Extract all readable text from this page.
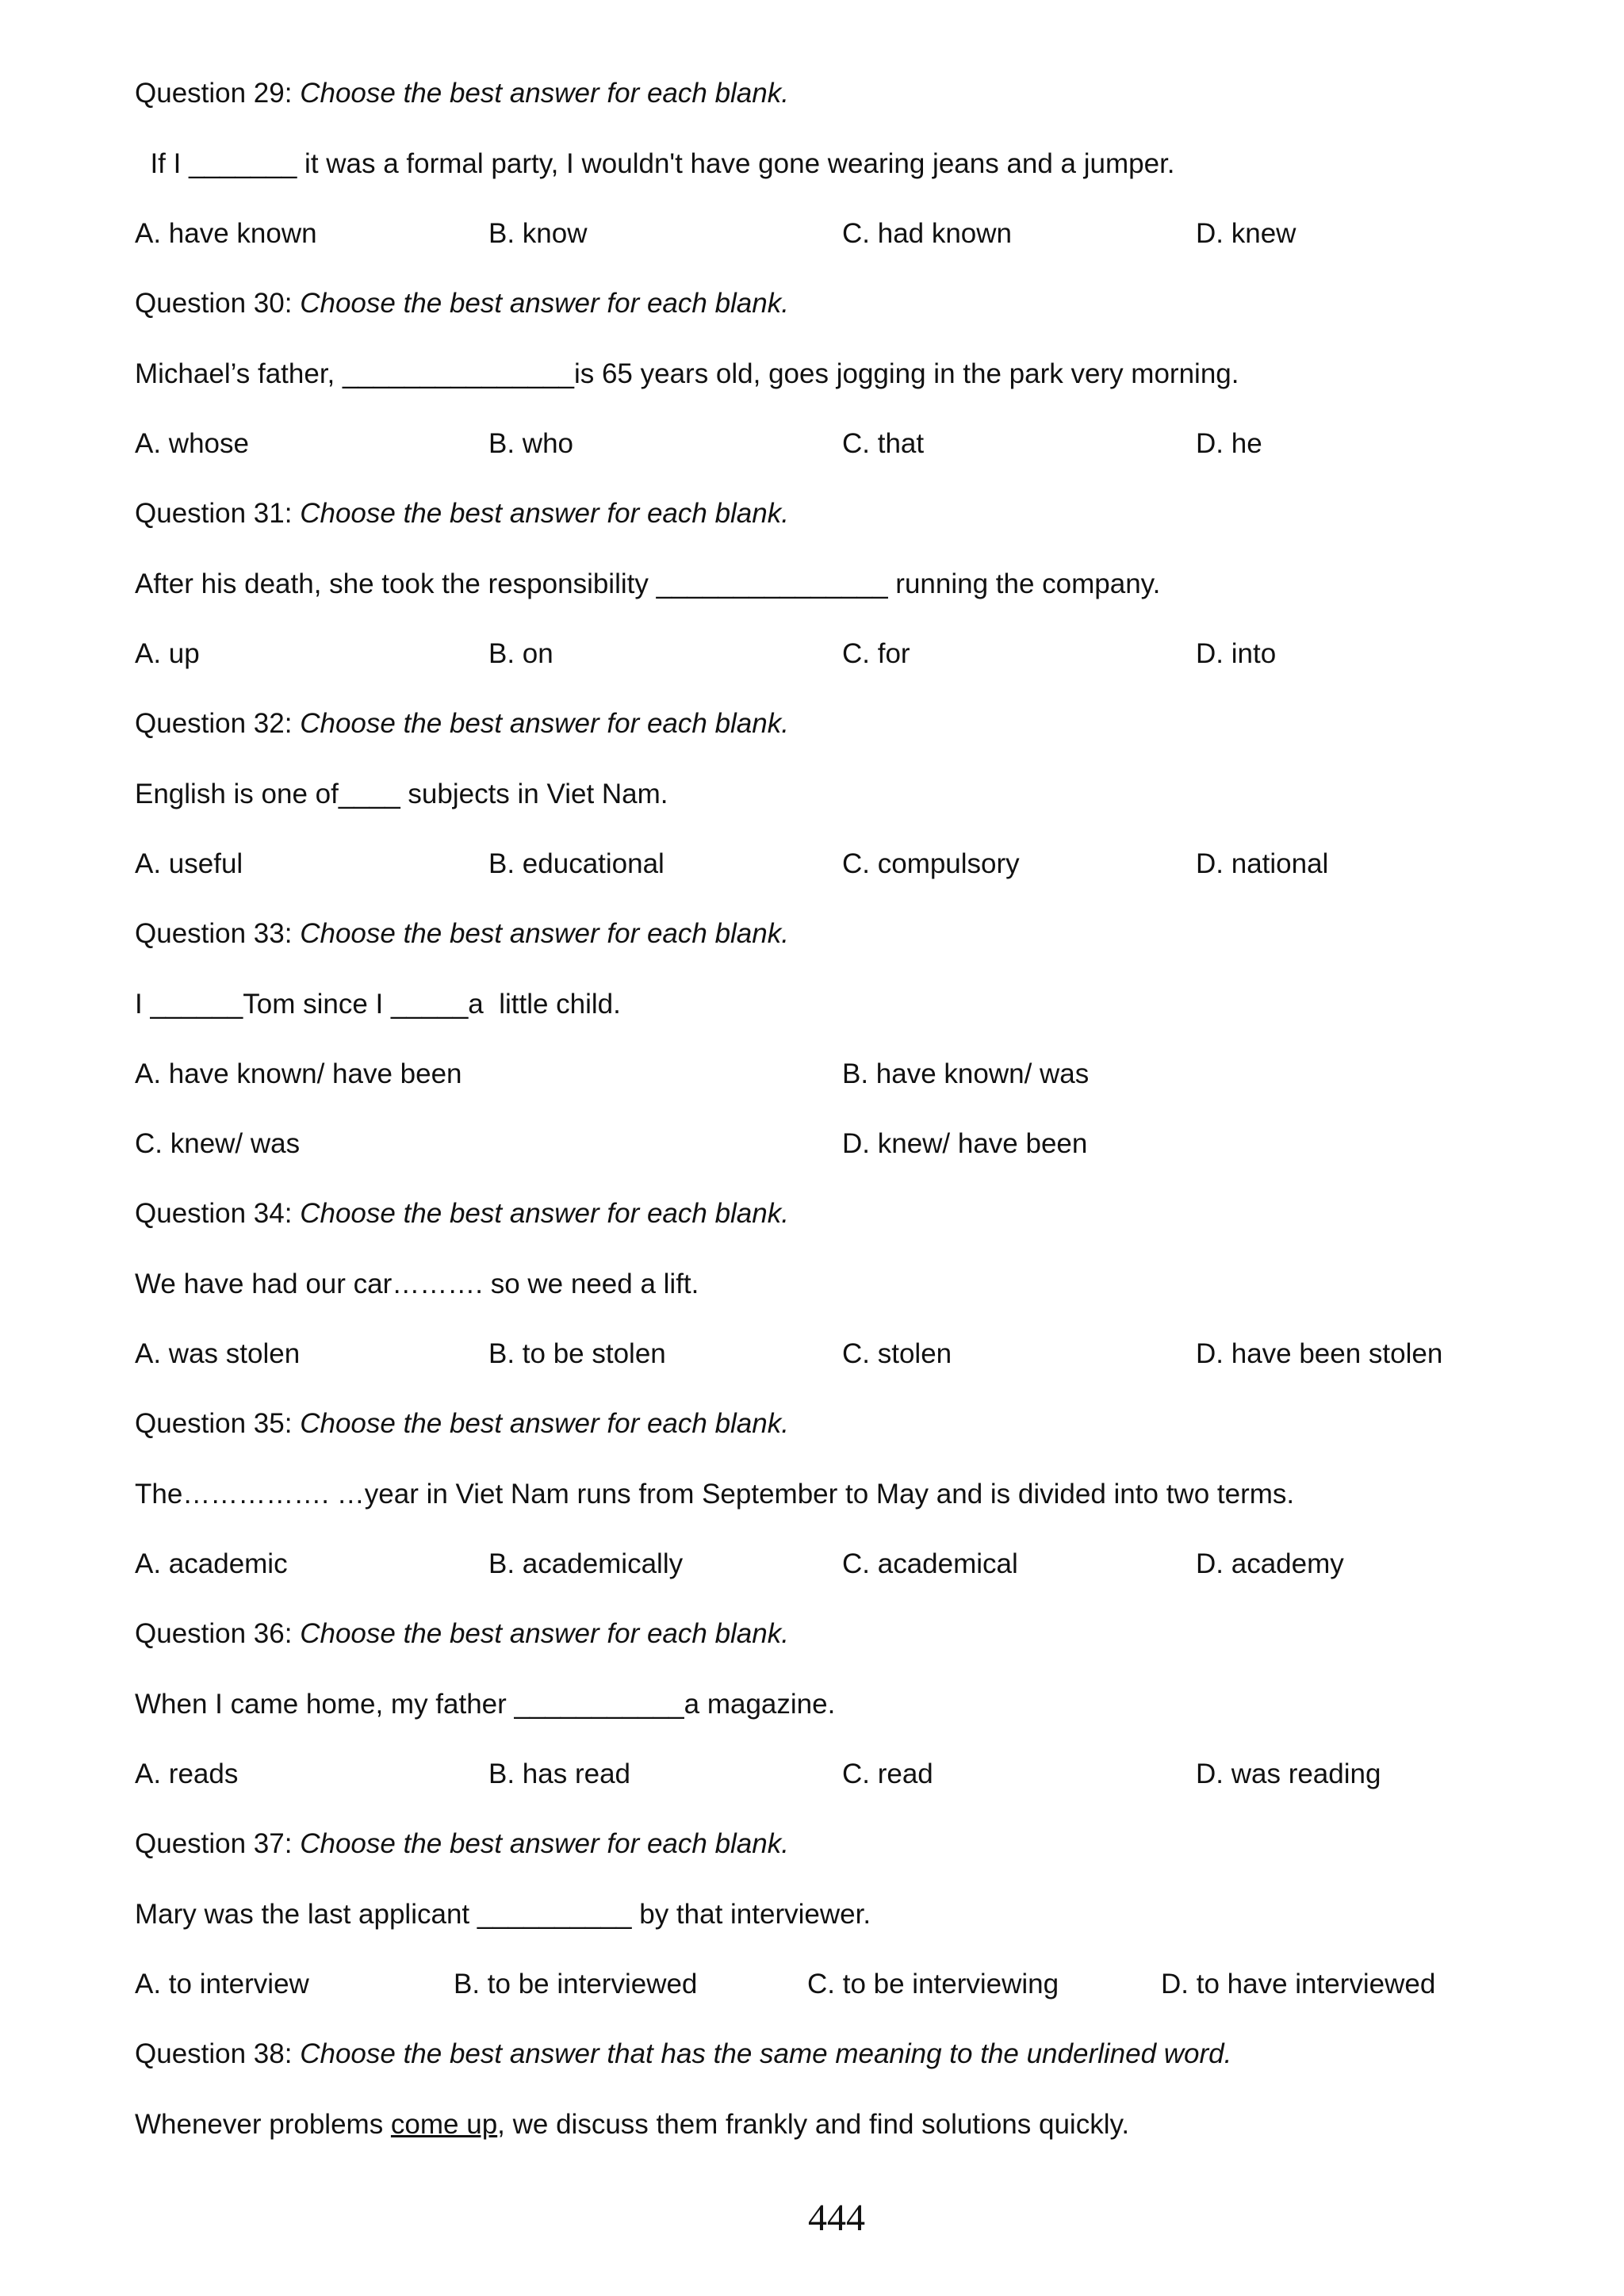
Question 29: Choose the best answer for each blank.
If I _______ it was a formal party, I wouldn't have gone wearing jeans and a jumper.
A. have known	B. know	C. had known	D. knew
Question 30: Choose the best answer for each blank.
Michael’s father, _______________is 65 years old, goes jogging in the park very morning.
A. whose	B. who	C. that	D. he
Question 31: Choose the best answer for each blank.
After his death, she took the responsibility _______________ running the company.
A. up	B. on	C. for	D. into
Question 32: Choose the best answer for each blank.
English is one of____ subjects in Viet Nam.
A. useful	B. educational	C. compulsory	D. national
Question 33: Choose the best answer for each blank.
I ______Tom since I _____a  little child.
A. have known/ have been	B. have known/ was
C. knew/ was	D. knew/ have been
Question 34: Choose the best answer for each blank.
We have had our car………. so we need a lift.
A. was stolen	B. to be stolen	C. stolen	D. have been stolen
Question 35: Choose the best answer for each blank.
The……………. …year in Viet Nam runs from September to May and is divided into two terms.
A. academic	B. academically	C. academical	D. academy
Question 36: Choose the best answer for each blank.
When I came home, my father ___________a magazine.
A. reads	B. has read	C. read	D. was reading
Question 37: Choose the best answer for each blank.
Mary was the last applicant __________ by that interviewer.
A. to interview	B. to be interviewed	C. to be interviewing	D. to have interviewed
Question 38: Choose the best answer that has the same meaning to the underlined word.
Whenever problems come up, we discuss them frankly and find solutions quickly.
444
